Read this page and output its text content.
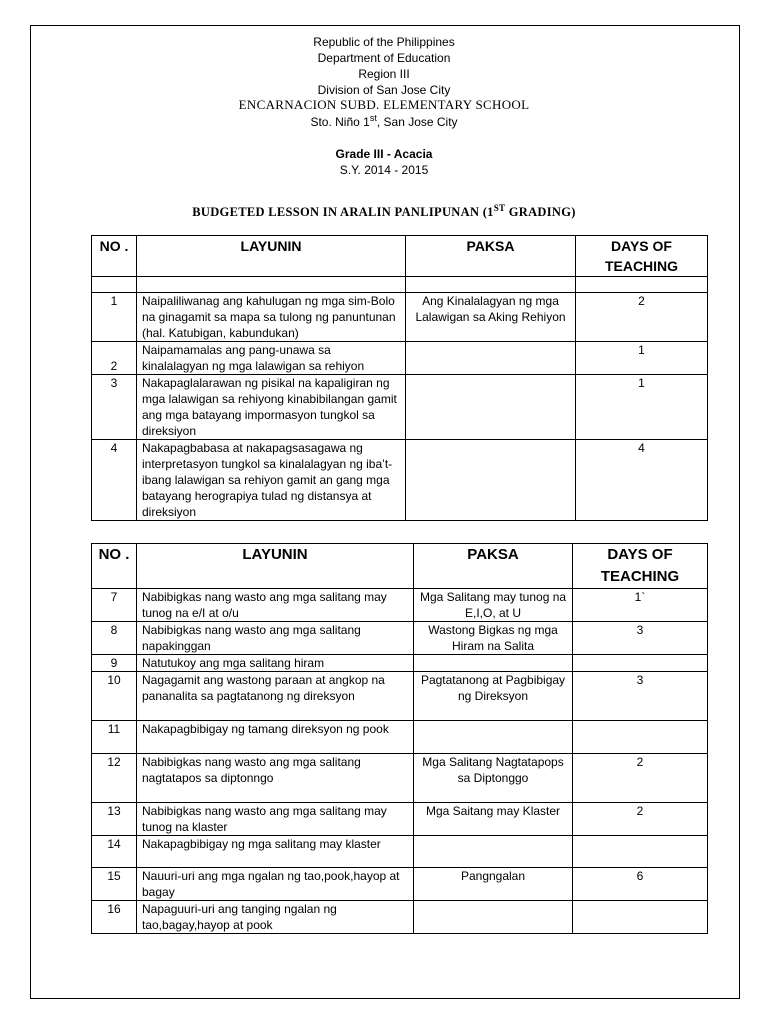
Republic of the Philippines
Department of Education
Region III
Division of San Jose City
ENCARNACION SUBD. ELEMENTARY SCHOOL
Sto. Niño 1st, San Jose City
Grade III - Acacia
S.Y. 2014 - 2015
BUDGETED LESSON IN ARALIN PANLIPUNAN (1ST GRADING)
NO .	LAYUNIN	PAKSA	DAYS OF TEACHING

1	Naipaliliwanag ang kahulugan ng mga sim-Bolo na ginagamit sa mapa sa tulong ng panuntunan (hal. Katubigan, kabundukan)	Ang Kinalalagyan ng mga Lalawigan sa Aking Rehiyon	2
2	Naipamamalas ang pang-unawa sa kinalalagyan ng mga lalawigan sa rehiyon		1
3	Nakapaglalarawan ng pisikal na kapaligiran ng mga lalawigan sa rehiyong kinabibilangan gamit ang mga batayang impormasyon tungkol sa direksiyon		1
4	Nakapagbabasa at nakapagsasagawa ng interpretasyon tungkol sa kinalalagyan ng iba’t-ibang lalawigan sa rehiyon gamit an gang mga batayang herograpiya tulad ng distansya at direksiyon		4
NO .	LAYUNIN	PAKSA	DAYS OF TEACHING
7	Nabibigkas nang wasto ang mga salitang may tunog na e/I at o/u	Mga Salitang may tunog na E,I,O, at U	1`
8	Nabibigkas nang wasto ang mga salitang napakinggan	Wastong Bigkas ng mga Hiram na Salita	3
9	Natutukoy ang mga salitang hiram		
10	Nagagamit ang wastong paraan at angkop na pananalita sa pagtatanong ng direksyon	Pagtatanong at Pagbibigay ng Direksyon	3
11	Nakapagbibigay ng tamang direksyon ng pook		
12	Nabibigkas nang wasto ang mga salitang nagtatapos sa diptonngo	Mga Salitang Nagtatapops sa Diptonggo	2
13	Nabibigkas nang wasto ang mga salitang may tunog na klaster	Mga Saitang may Klaster	2
14	Nakapagbibigay ng mga salitang may klaster		
15	Nauuri-uri ang mga ngalan ng tao,pook,hayop at bagay	Pangngalan	6
16	Napaguuri-uri ang tanging ngalan ng tao,bagay,hayop at pook		
